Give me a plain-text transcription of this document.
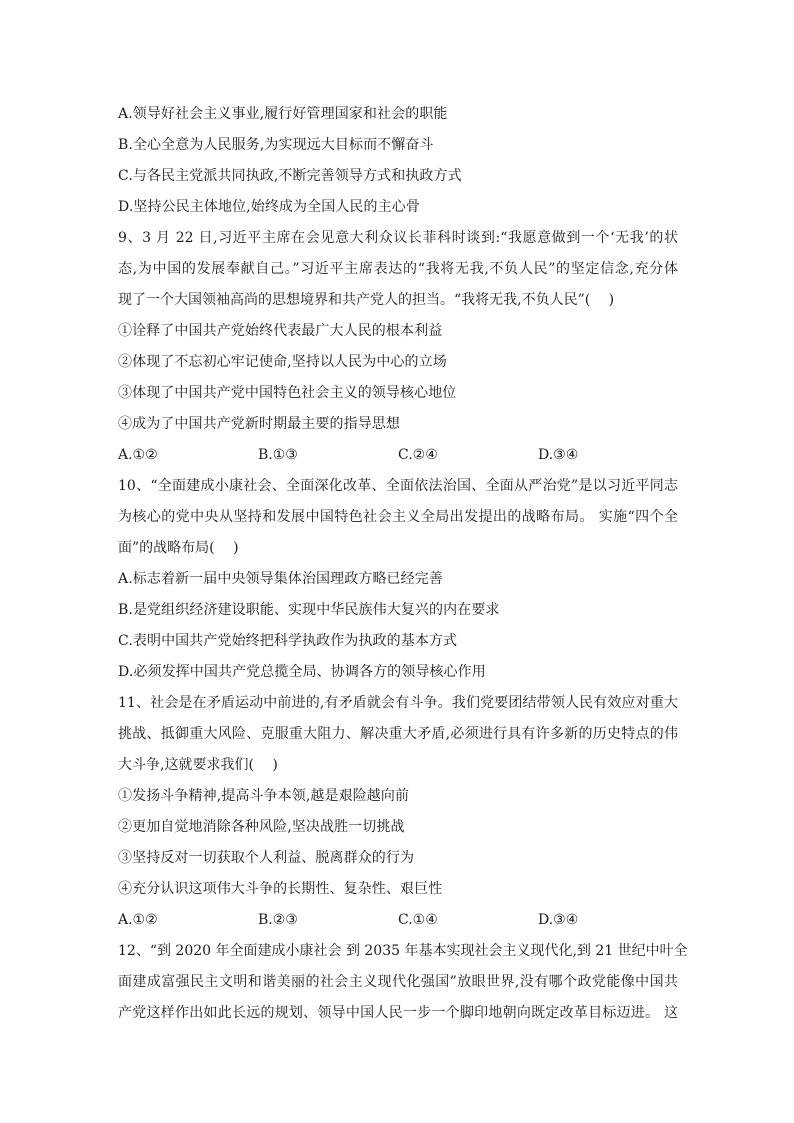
A.领导好社会主义事业,履行好管理国家和社会的职能
B.全心全意为人民服务,为实现远大目标而不懈奋斗
C.与各民主党派共同执政,不断完善领导方式和执政方式
D.坚持公民主体地位,始终成为全国人民的主心骨
9、3 月 22 日,习近平主席在会见意大利众议长菲科时谈到:“我愿意做到一个‘无我’的状
态,为中国的发展奉献自己。”习近平主席表达的“我将无我,不负人民”的坚定信念,充分体
现了一个大国领袖高尚的思想境界和共产党人的担当。“我将无我,不负人民”(　 )
①诠释了中国共产党始终代表最广大人民的根本利益
②体现了不忘初心牢记使命,坚持以人民为中心的立场
③体现了中国共产党中国特色社会主义的领导核心地位
④成为了中国共产党新时期最主要的指导思想
A.①②	B.①③	C.②④	D.③④
10、“全面建成小康社会、全面深化改革、全面依法治国、全面从严治党”是以习近平同志
为核心的党中央从坚持和发展中国特色社会主义全局出发提出的战略布局。 实施“四个全
面”的战略布局(　 )
A.标志着新一届中央领导集体治国理政方略已经完善
B.是党组织经济建设职能、实现中华民族伟大复兴的内在要求
C.表明中国共产党始终把科学执政作为执政的基本方式
D.必须发挥中国共产党总揽全局、协调各方的领导核心作用
11、社会是在矛盾运动中前进的,有矛盾就会有斗争。我们党要团结带领人民有效应对重大
挑战、抵御重大风险、克服重大阻力、解决重大矛盾,必须进行具有许多新的历史特点的伟
大斗争,这就要求我们(　 )
①发扬斗争精神,提高斗争本领,越是艰险越向前
②更加自觉地消除各种风险,坚决战胜一切挑战
③坚持反对一切获取个人利益、脱离群众的行为
④充分认识这项伟大斗争的长期性、复杂性、艰巨性
A.①②	B.②③	C.①④	D.③④
12、“到 2020 年全面建成小康社会 到 2035 年基本实现社会主义现代化,到 21 世纪中叶全
面建成富强民主文明和谐美丽的社会主义现代化强国”放眼世界,没有哪个政党能像中国共
产党这样作出如此长远的规划、领导中国人民一步一个脚印地朝向既定改革目标迈进。 这
